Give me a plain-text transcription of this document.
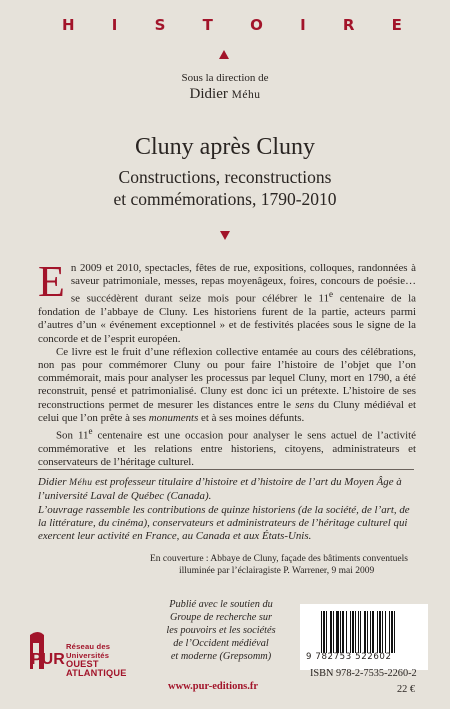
H I S T O I R E
Sous la direction de
Didier Méhu
Cluny après Cluny
Constructions, reconstructions
et commémorations, 1790-2010

En 2009 et 2010, spectacles, fêtes de rue, expositions, colloques, randonnées à saveur patrimoniale, messes, repas moyenâgeux, foires, concours de poésie… se succédèrent durant seize mois pour célébrer le 11e centenaire de la fondation de l’abbaye de Cluny. Les historiens furent de la partie, acteurs parmi d’autres d’un « événement exceptionnel » et de festivités placées sous le signe de la concorde et de l’esprit européen.

Ce livre est le fruit d’une réflexion collective entamée au cours des célébrations, non pas pour commémorer Cluny ou pour faire l’histoire de l’objet que l’on commémorait, mais pour analyser les processus par lequel Cluny, mort en 1790, a été reconstruit, pensé et patrimonialisé. Cluny est donc ici un prétexte. L’histoire de ses reconstructions permet de mesurer les distances entre le sens du Cluny médiéval et celui que l’on prête à ses monuments et à ses moines défunts.

Son 11e centenaire est une occasion pour analyser le sens actuel de l’activité commémorative et les relations entre historiens, citoyens, administrateurs et conservateurs de l’héritage culturel.

Didier Méhu est professeur titulaire d’histoire et d’histoire de l’art du Moyen Âge à l’université Laval de Québec (Canada).

L’ouvrage rassemble les contributions de quinze historiens (de la société, de l’art, de la littérature, du cinéma), conservateurs et administrateurs de l’héritage culturel qui exercent leur activité en France, au Canada et aux États-Unis.

En couverture : Abbaye de Cluny, façade des bâtiments conventuels
illuminée par l’éclairagiste P. Warrener, 9 mai 2009
Publié avec le soutien du
Groupe de recherche sur
les pouvoirs et les sociétés
de l’Occident médiéval
et moderne (Grepsomm)
PUR
Réseau des Universités
OUEST ATLANTIQUE
www.pur-editions.fr
9 782753 522602
ISBN 978-2-7535-2260-2
22 €
